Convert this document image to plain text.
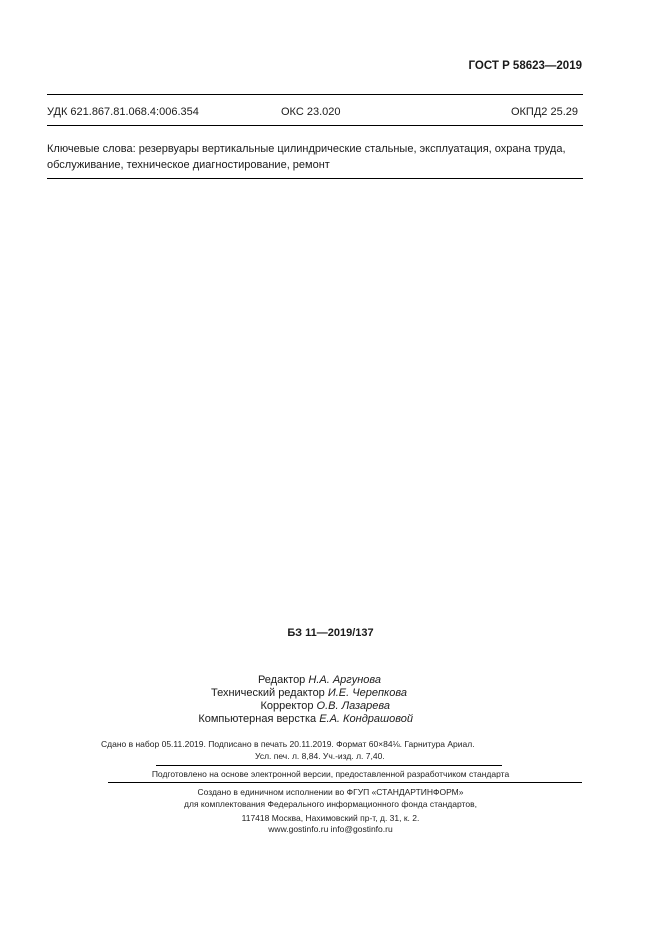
ГОСТ Р 58623—2019
УДК 621.867.81.068.4:006.354	ОКС 23.020	ОКПД2 25.29
Ключевые слова: резервуары вертикальные цилиндрические стальные, эксплуатация, охрана труда,
обслуживание, техническое диагностирование, ремонт
БЗ 11—2019/137
Редактор Н.А. Аргунова
Технический редактор И.Е. Черепкова
Корректор О.В. Лазарева
Компьютерная верстка Е.А. Кондрашовой
Сдано в набор 05.11.2019. Подписано в печать 20.11.2019. Формат 60×84⅛. Гарнитура Ариал.
Усл. печ. л. 8,84. Уч.-изд. л. 7,40.
Подготовлено на основе электронной версии, предоставленной разработчиком стандарта
Создано в единичном исполнении во ФГУП «СТАНДАРТИНФОРМ»
для комплектования Федерального информационного фонда стандартов,
117418 Москва, Нахимовский пр-т, д. 31, к. 2.
www.gostinfo.ru info@gostinfo.ru
